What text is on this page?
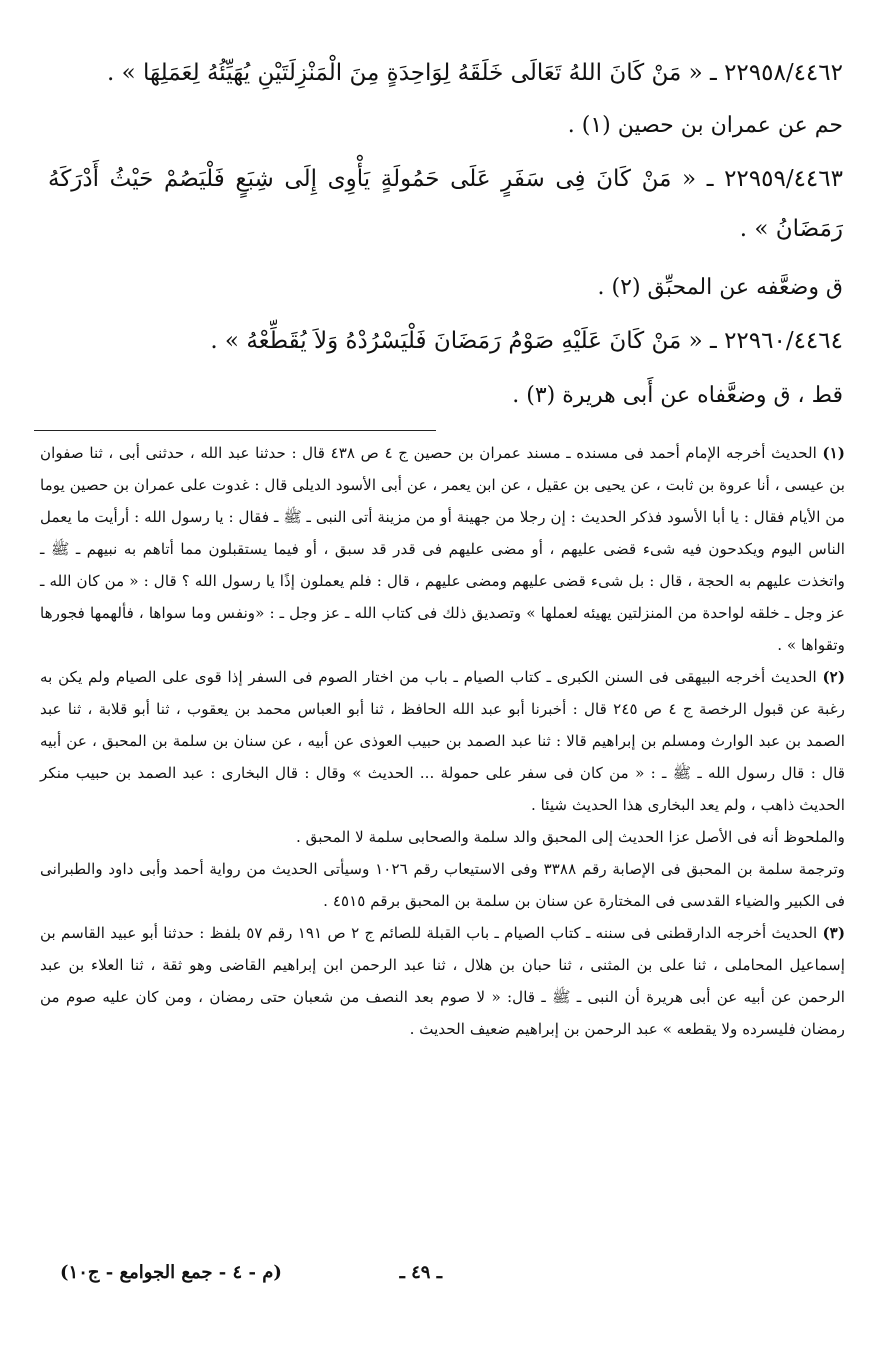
٢٢٩٥٨/٤٤٦٢ ـ « مَنْ كَانَ اللهُ تَعَالَى خَلَقَهُ لِوَاحِدَةٍ مِنَ الْمَنْزِلَتَيْنِ يُهَيِّئُهُ لِعَمَلِهَا » .

حم عن عمران بن حصين (١) .

٢٢٩٥٩/٤٤٦٣ ـ « مَنْ كَانَ فِى سَفَرٍ عَلَى حَمُولَةٍ يَأْوِى إِلَى شِبَعٍ فَلْيَصُمْ حَيْثُ أَدْرَكَهُ رَمَضَانُ » .

ق وضعَّفه عن المحبِّق (٢) .

٢٢٩٦٠/٤٤٦٤ ـ « مَنْ كَانَ عَلَيْهِ صَوْمُ رَمَضَانَ فَلْيَسْرُدْهُ وَلاَ يُقَطِّعْهُ » .

قط ، ق وضعَّفاه عن أَبى هريرة (٣) .

(١) الحديث أخرجه الإمام أحمد فى مسنده ـ مسند عمران بن حصين ج ٤ ص ٤٣٨ قال : حدثنا عبد الله ، حدثنى أبى ، ثنا صفوان بن عيسى ، أنا عروة بن ثابت ، عن يحيى بن عقيل ، عن ابن يعمر ، عن أبى الأسود الديلى قال : غدوت على عمران بن حصين يوما من الأيام فقال : يا أبا الأسود فذكر الحديث : إن رجلا من جهينة أو من مزينة أتى النبى ـ ﷺ ـ فقال : يا رسول الله : أرأيت ما يعمل الناس اليوم ويكدحون فيه شىء قضى عليهم ، أو مضى عليهم فى قدر قد سبق ، أو فيما يستقبلون مما أتاهم به نبيهم ـ ﷺ ـ واتخذت عليهم به الحجة ، قال : بل شىء قضى عليهم ومضى عليهم ، قال : فلم يعملون إذًا يا رسول الله ؟ قال : « من كان الله ـ عز وجل ـ خلقه لواحدة من المنزلتين يهيئه لعملها » وتصديق ذلك فى كتاب الله ـ عز وجل ـ : «ونفس وما سواها ، فألهمها فجورها وتقواها » .

(٢) الحديث أخرجه البيهقى فى السنن الكبرى ـ كتاب الصيام ـ باب من اختار الصوم فى السفر إذا قوى على الصيام ولم يكن به رغبة عن قبول الرخصة ج ٤ ص ٢٤٥ قال : أخبرنا أبو عبد الله الحافظ ، ثنا أبو العباس محمد بن يعقوب ، ثنا أبو قلابة ، ثنا عبد الصمد بن عبد الوارث ومسلم بن إبراهيم قالا : ثنا عبد الصمد بن حبيب العوذى عن أبيه ، عن سنان بن سلمة بن المحبق ، عن أبيه قال : قال رسول الله ـ ﷺ ـ : « من كان فى سفر على حمولة ... الحديث » وقال : قال البخارى : عبد الصمد بن حبيب منكر الحديث ذاهب ، ولم يعد البخارى هذا الحديث شيئا .

والملحوظ أنه فى الأصل عزا الحديث إلى المحبق والد سلمة والصحابى سلمة لا المحبق .

وترجمة سلمة بن المحبق فى الإصابة رقم ٣٣٨٨ وفى الاستيعاب رقم ١٠٢٦ وسيأتى الحديث من رواية أحمد وأبى داود والطبرانى فى الكبير والضياء القدسى فى المختارة عن سنان بن سلمة بن المحبق برقم ٤٥١٥ .

(٣) الحديث أخرجه الدارقطنى فى سننه ـ كتاب الصيام ـ باب القبلة للصائم ج ٢ ص ١٩١ رقم ٥٧ بلفظ : حدثنا أبو عبيد القاسم بن إسماعيل المحاملى ، ثنا على بن المثنى ، ثنا حبان بن هلال ، ثنا عبد الرحمن ابن إبراهيم القاضى وهو ثقة ، ثنا العلاء بن عبد الرحمن عن أبيه عن أبى هريرة أن النبى ـ ﷺ ـ قال: « لا صوم بعد النصف من شعبان حتى رمضان ، ومن كان عليه صوم من رمضان فليسرده ولا يقطعه » عبد الرحمن بن إبراهيم ضعيف الحديث .

ـ ٤٩ ـ
(م - ٤ - جمع الجوامع - ج١٠)
